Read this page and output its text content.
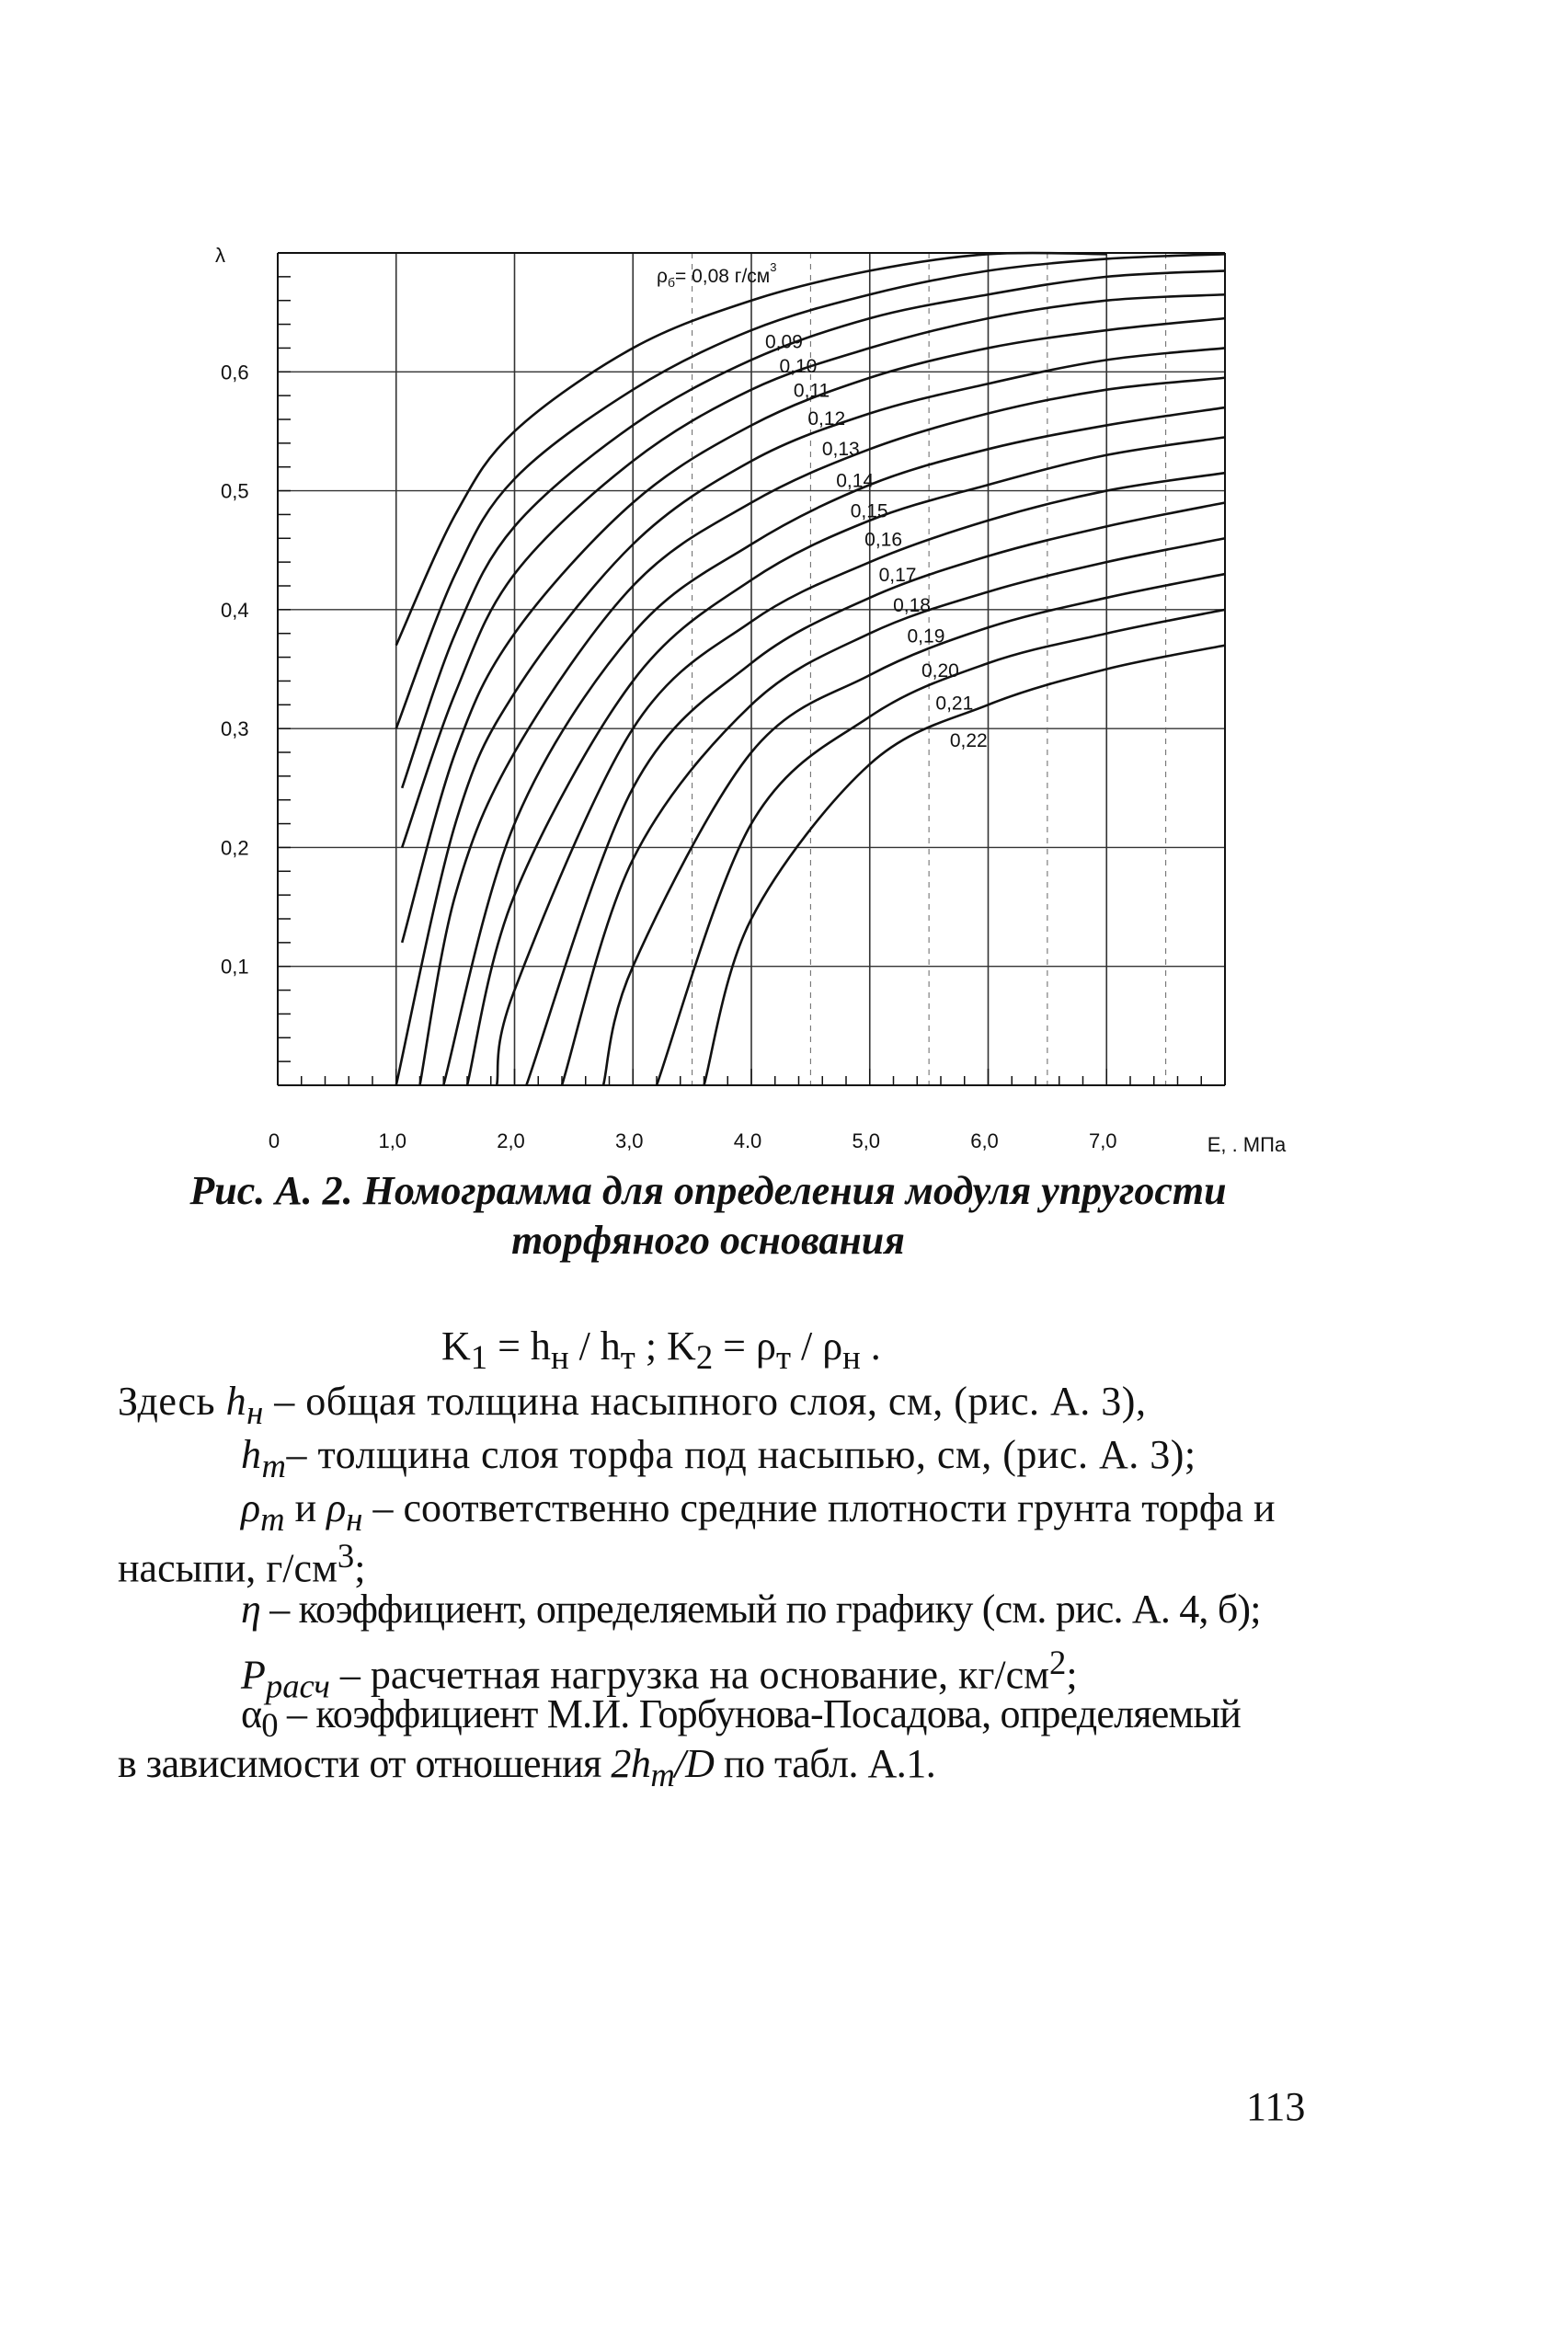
0,1
0,2
0,3
0,4
0,5
0,6
0	1,0	2,0	3,0	4.0	5,0	6,0	7,0
λ
E, . МПа
$\rho_б= 0,08$ $г/см^3$
0,09
0,10
0,11
0,12
0,13
0,14
0,15
0,16
0,17
0,18
0,19
0,20
0,21
0,22
Рис. А. 2. Номограмма для определения модуля упругости
торфяного основания
$K_1 = h_н / h_т$ ; $K_2 = \rho_т / \rho_н$ .
Здесь $h_н$ – общая толщина насыпного слоя, см, (рис. А. 3),
$h_т-$ толщина слоя торфа под насыпью, см, (рис. А. 3);
$\rho_т$ и $\rho_н$ – соответственно средние плотности грунта торфа и
насыпи, $г/см^3$;
η – коэффициент, определяемый по графику (см. рис. А. 4, б);
$P_{расч}$ – расчетная нагрузка на основание, $кг/см^2$;
$\alpha_0$ – коэффициент М.И. Горбунова-Посадова, определяемый
в зависимости от отношения $2h_т/D$ по табл. А.1.
113
